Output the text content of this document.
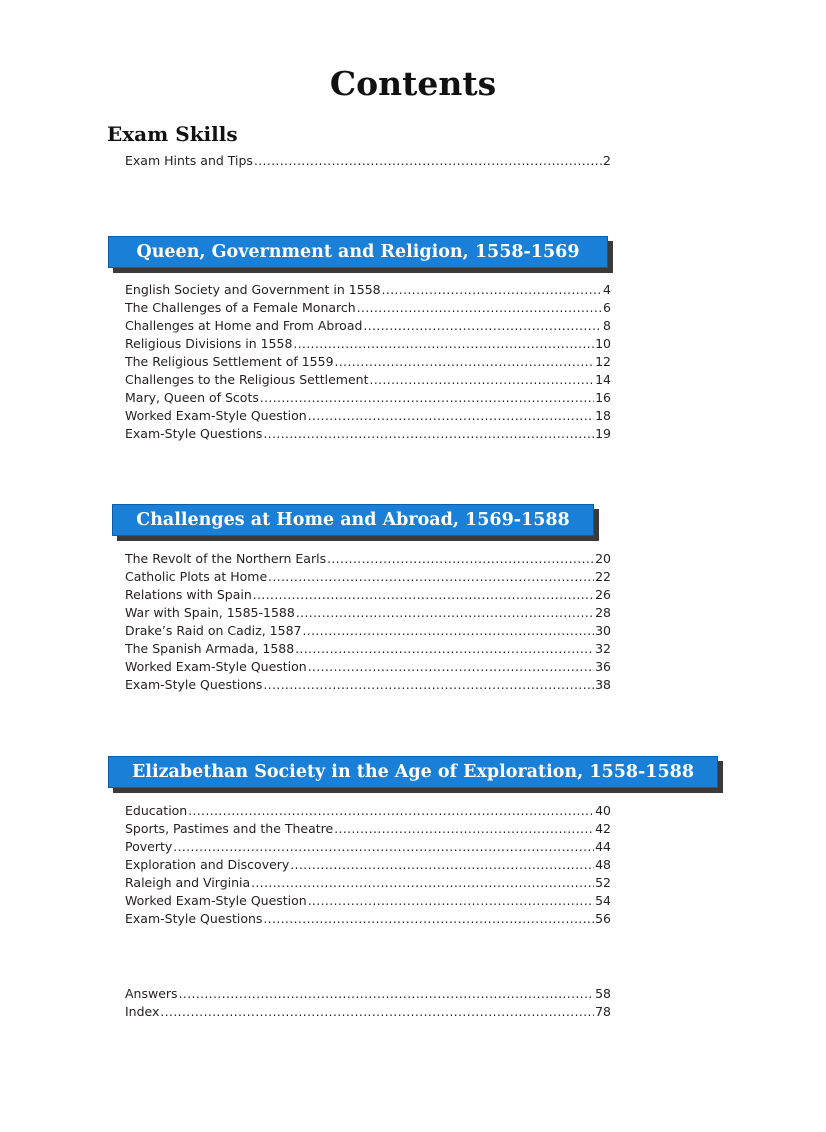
Contents
Exam Skills
Exam Hints and Tips .....	2
Queen, Government and Religion, 1558-1569
English Society and Government in 1558 .....	4
The Challenges of a Female Monarch .....	6
Challenges at Home and From Abroad .....	8
Religious Divisions in 1558 .....	10
The Religious Settlement of 1559 .....	12
Challenges to the Religious Settlement .....	14
Mary, Queen of Scots .....	16
Worked Exam-Style Question .....	18
Exam-Style Questions .....	19
Challenges at Home and Abroad, 1569-1588
The Revolt of the Northern Earls .....	20
Catholic Plots at Home .....	22
Relations with Spain .....	26
War with Spain, 1585-1588 .....	28
Drake’s Raid on Cadiz, 1587 .....	30
The Spanish Armada, 1588 .....	32
Worked Exam-Style Question .....	36
Exam-Style Questions .....	38
Elizabethan Society in the Age of Exploration, 1558-1588
Education .....	40
Sports, Pastimes and the Theatre .....	42
Poverty .....	44
Exploration and Discovery .....	48
Raleigh and Virginia .....	52
Worked Exam-Style Question .....	54
Exam-Style Questions .....	56
Answers .....	58
Index .....	78
